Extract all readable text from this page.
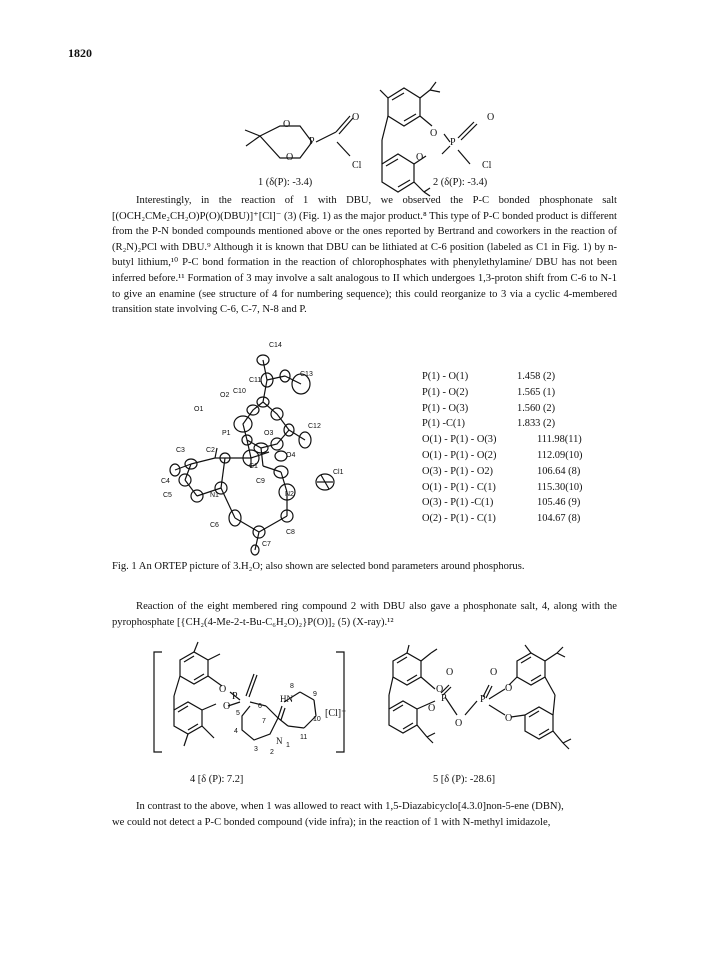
1820
O
O
P
O
Cl
O
O
P
O
Cl
1 (δ(P): -3.4)	2 (δ(P): -3.4)

Interestingly, in the reaction of 1 with DBU, we observed the P-C bonded phosphonate salt [(OCH₂CMe₂CH₂O)P(O)(DBU)]⁺[Cl]⁻ (3) (Fig. 1) as the major product.⁸ This type of P-C bonded product is different from the P-N bonded compounds mentioned above or the ones reported by Bertrand and coworkers in the reaction of (R₂N)₂PCl with DBU.⁹ Although it is known that DBU can be lithiated at C-6 position (labeled as C1 in Fig. 1) by n-butyl lithium,¹⁰ P-C bond formation in the reaction of chlorophosphates with phenylethylamine/ DBU has not been inferred before.¹¹ Formation of 3 may involve a salt analogous to II which undergoes 1,3-proton shift from C-6 to N-1 to give an enamine (see structure of 4 for numbering sequence); this could reorganize to 3 via a cyclic 4-membered transition state involving C-6, C-7, N-8 and P.

C14
C11
C13
C10
O2
O1
P1	O3
C12
C3	C2
O4
C1
Cl1
C4
C5	N1
C9
N2
C6
C8
C7
P(1) - O(1)	1.458 (2)
P(1) - O(2)	1.565 (1)
P(1) - O(3)	1.560 (2)
P(1) -C(1)	1.833 (2)
O(1) - P(1) - O(3)	111.98(11)
O(1) - P(1) - O(2)	112.09(10)
O(3) - P(1) - O2)	106.64 (8)
O(1) - P(1) - C(1)	115.30(10)
O(3) - P(1) -C(1)	105.46 (9)
O(2) - P(1) - C(1)	104.67 (8)
Fig. 1 An ORTEP picture of 3.H₂O; also shown are selected bond parameters around phosphorus.

Reaction of the eight membered ring compound 2 with DBU also gave a phosphonate salt, 4, along with the pyrophosphate [{CH₂(4-Me-2-t-Bu-C₆H₂O)₂}P(O)]₂ (5) (X-ray).¹²

P
O
O
HN
N
[Cl]⁻
6
8
9
5
7	10
4
1
11
3 2
O
O
P
O
O
P
O
O
O
4 [δ (P): 7.2]	5 [δ (P): -28.6]

In contrast to the above, when 1 was allowed to react with 1,5-Diazabicyclo[4.3.0]non-5-ene (DBN),

we could not detect a P-C bonded compound (vide infra); in the reaction of 1 with N-methyl imidazole,
